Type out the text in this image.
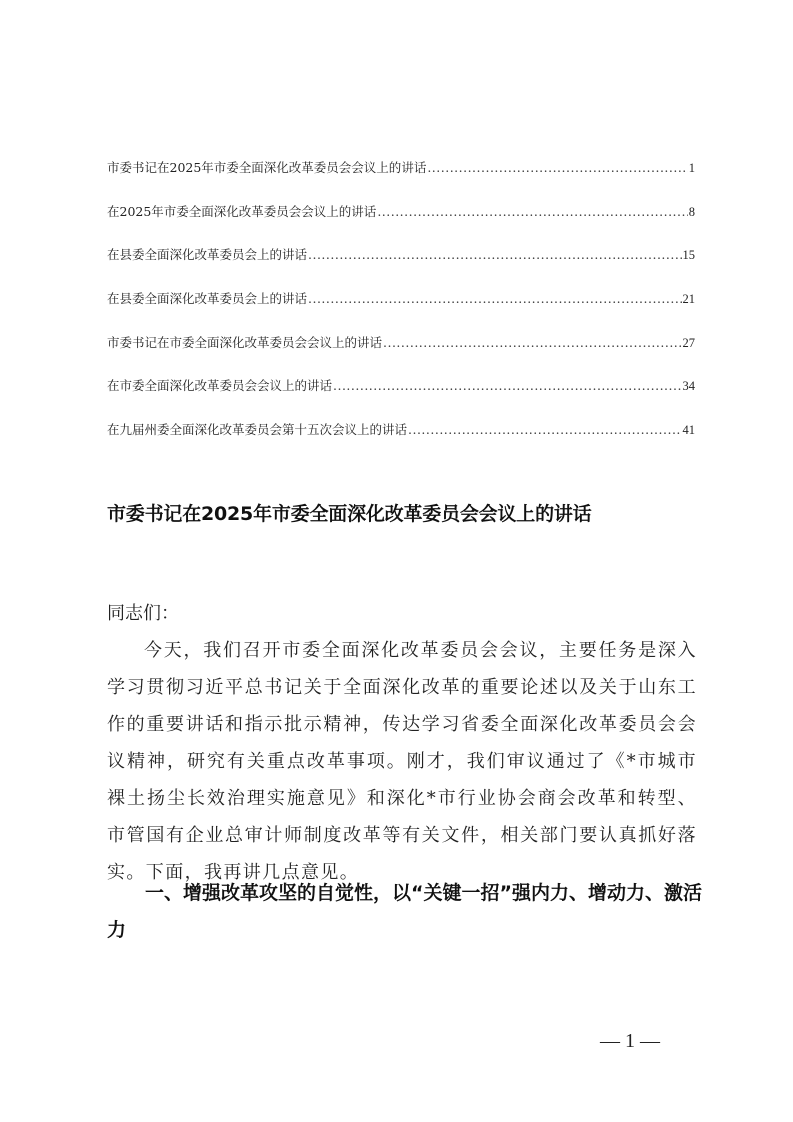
市委书记在2025年市委全面深化改革委员会会议上的讲话 .....	1
在2025年市委全面深化改革委员会会议上的讲话 .....	8
在县委全面深化改革委员会上的讲话 .....	15
在县委全面深化改革委员会上的讲话 .....	21
市委书记在市委全面深化改革委员会会议上的讲话 .....	27
在市委全面深化改革委员会会议上的讲话 .....	34
在九届州委全面深化改革委员会第十五次会议上的讲话 .....	41
市委书记在2025年市委全面深化改革委员会会议上的讲话
同志们：
今天，我们召开市委全面深化改革委员会会议，主要任务是深入学习贯彻习近平总书记关于全面深化改革的重要论述以及关于山东工作的重要讲话和指示批示精神，传达学习省委全面深化改革委员会会议精神，研究有关重点改革事项。刚才，我们审议通过了《*市城市裸土扬尘长效治理实施意见》和深化*市行业协会商会改革和转型、市管国有企业总审计师制度改革等有关文件，相关部门要认真抓好落实。下面，我再讲几点意见。
一、增强改革攻坚的自觉性，以“关键一招”强内力、增动力、激活力
— 1 —
